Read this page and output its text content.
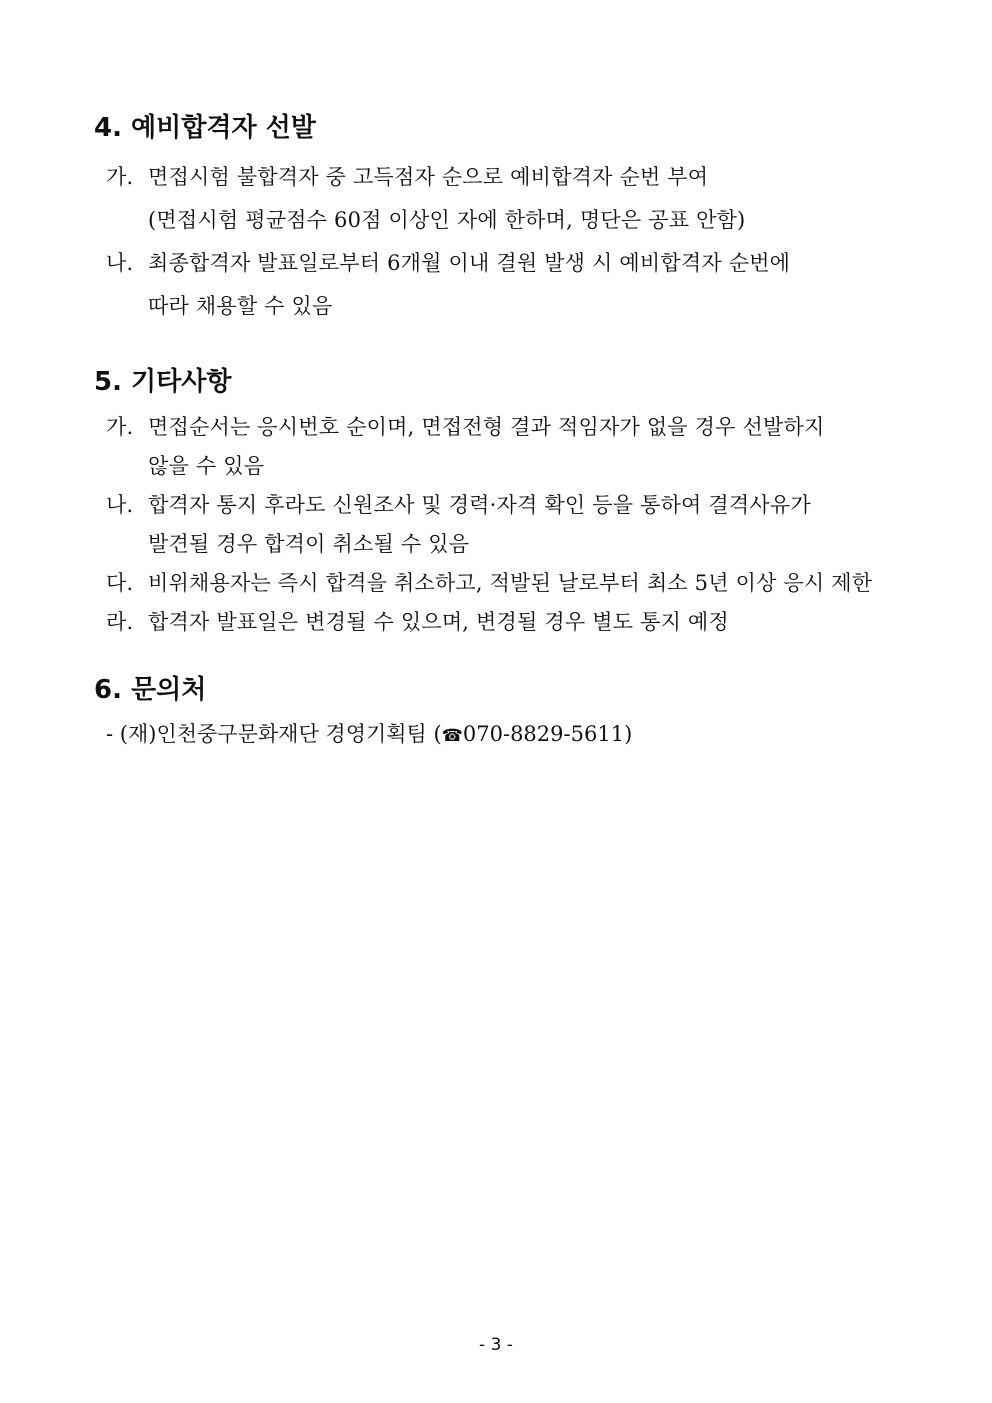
4. 예비합격자 선발
가. 면접시험 불합격자 중 고득점자 순으로 예비합격자 순번 부여
(면접시험 평균점수 60점 이상인 자에 한하며, 명단은 공표 안함)
나. 최종합격자 발표일로부터 6개월 이내 결원 발생 시 예비합격자 순번에
따라 채용할 수 있음
5. 기타사항
가. 면접순서는 응시번호 순이며, 면접전형 결과 적임자가 없을 경우 선발하지
않을 수 있음
나. 합격자 통지 후라도 신원조사 및 경력·자격 확인 등을 통하여 결격사유가
발견될 경우 합격이 취소될 수 있음
다. 비위채용자는 즉시 합격을 취소하고, 적발된 날로부터 최소 5년 이상 응시 제한
라. 합격자 발표일은 변경될 수 있으며, 변경될 경우 별도 통지 예정
6. 문의처
- (재)인천중구문화재단 경영기획팀 (☎070-8829-5611)
- 3 -
